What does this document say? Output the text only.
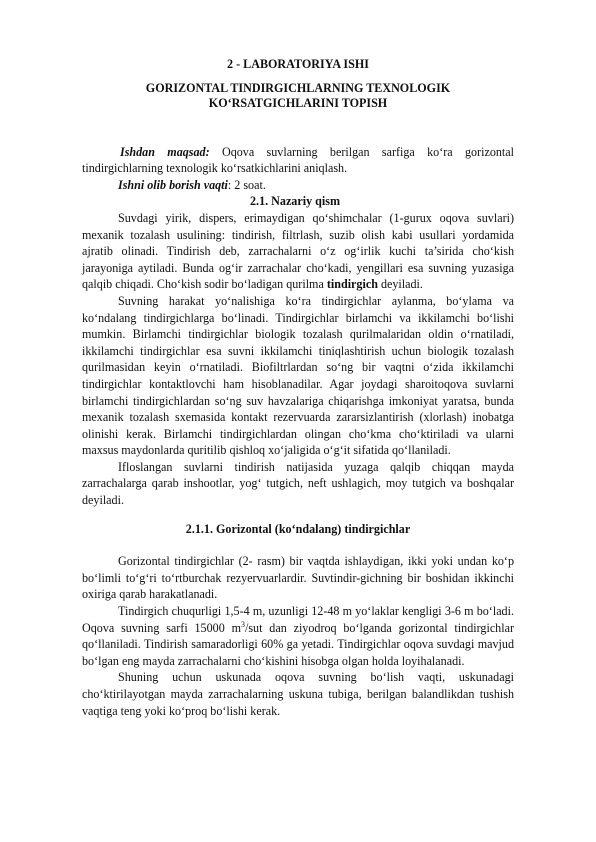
2 - LABORATORIYA ISHI
GORIZONTAL TINDIRGICHLARNING TEXNOLOGIK
KO‘RSATGICHLARINI TOPISH

Ishdan maqsad: Oqova suvlarning berilgan sarfiga ko‘ra gorizontal tindirgichlarning texnologik ko‘rsatkichlarini aniqlash.

Ishni olib borish vaqti: 2 soat.

2.1. Nazariy qism

Suvdagi yirik, dispers, erimaydigan qo‘shimchalar (1-gurux oqova suvlari) mexanik tozalash usulining: tindirish, filtrlash, suzib olish kabi usullari yordamida ajratib olinadi. Tindirish deb, zarrachalarni o‘z og‘irlik kuchi ta’sirida cho‘kish jarayoniga aytiladi. Bunda og‘ir zarrachalar cho‘kadi, yengillari esa suvning yuzasiga qalqib chiqadi. Cho‘kish sodir bo‘ladigan qurilma tindirgich deyiladi.

Suvning harakat yo‘nalishiga ko‘ra tindirgichlar aylanma, bo‘ylama va ko‘ndalang tindirgichlarga bo‘linadi. Tindirgichlar birlamchi va ikkilamchi bo‘lishi mumkin. Birlamchi tindirgichlar biologik tozalash qurilmalaridan oldin o‘rnatiladi, ikkilamchi tindirgichlar esa suvni ikkilamchi tiniqlashtirish uchun biologik tozalash qurilmasidan keyin o‘rnatiladi. Biofiltrlardan so‘ng bir vaqtni o‘zida ikkilamchi tindirgichlar kontaktlovchi ham hisoblanadilar. Agar joydagi sharoitoqova suvlarni birlamchi tindirgichlardan so‘ng suv havzalariga chiqarishga imkoniyat yaratsa, bunda mexanik tozalash sxemasida kontakt rezervuarda zararsizlantirish (xlorlash) inobatga olinishi kerak. Birlamchi tindirgichlardan olingan cho‘kma cho‘ktiriladi va ularni maxsus maydonlarda quritilib qishloq xo‘jaligida o‘g‘it sifatida qo‘llaniladi.

Ifloslangan suvlarni tindirish natijasida yuzaga qalqib chiqqan mayda zarrachalarga qarab inshootlar, yog‘ tutgich, neft ushlagich, moy tutgich va boshqalar deyiladi.

2.1.1. Gorizontal (ko‘ndalang) tindirgichlar

Gorizontal tindirgichlar (2- rasm) bir vaqtda ishlaydigan, ikki yoki undan ko‘p bo‘limli to‘g‘ri to‘rtburchak rezyervuarlardir. Suvtindir-gichning bir boshidan ikkinchi oxiriga qarab harakatlanadi.

Tindirgich chuqurligi 1,5-4 m, uzunligi 12-48 m yo‘laklar kengligi 3-6 m bo‘ladi. Oqova suvning sarfi 15000 $m^3$/sut dan ziyodroq bo‘lganda gorizontal tindirgichlar qo‘llaniladi. Tindirish samaradorligi 60% ga yetadi. Tindirgichlar oqova suvdagi mavjud bo‘lgan eng mayda zarrachalarni cho‘kishini hisobga olgan holda loyihalanadi.

Shuning uchun uskunada oqova suvning bo‘lish vaqti, uskunadagi cho‘ktirilayotgan mayda zarrachalarning uskuna tubiga, berilgan balandlikdan tushish vaqtiga teng yoki ko‘proq bo‘lishi kerak.
